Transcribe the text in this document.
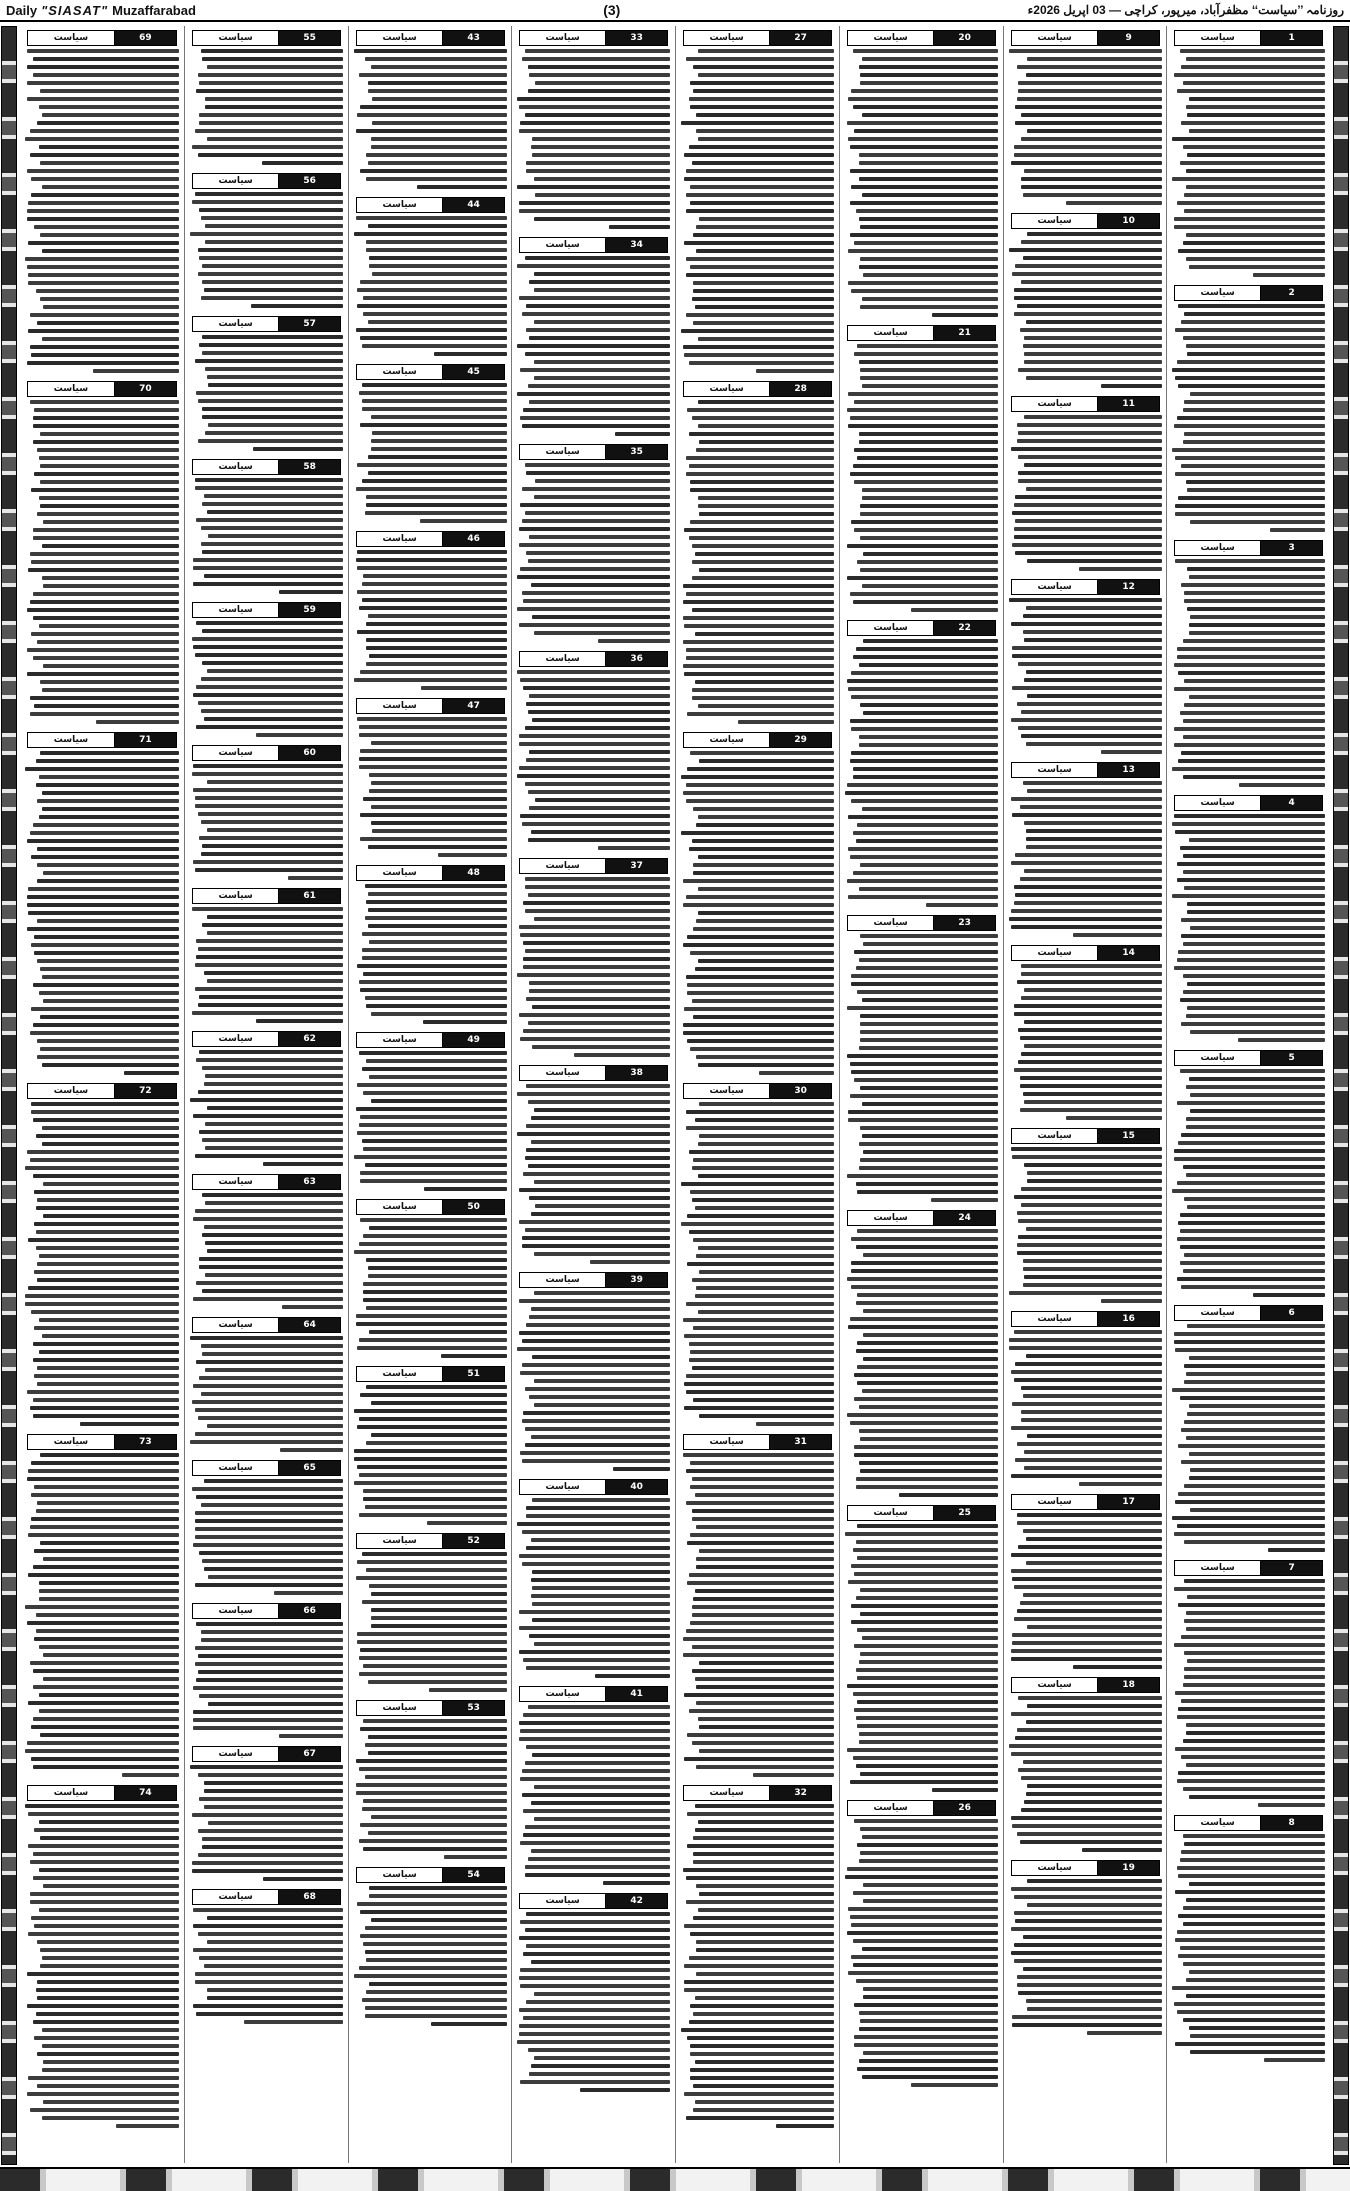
Daily "SIASAT" Muzaffarabad	(3)	روزنامہ ’’سیاست‘‘ مظفرآباد، میرپور، کراچی — 03 اپریل 2026ء
سیاست	1
سیاست	2
سیاست	3
سیاست	4
سیاست	5
سیاست	6
سیاست	7
سیاست	8
سیاست	9
سیاست	10
سیاست	11
سیاست	12
سیاست	13
سیاست	14
سیاست	15
سیاست	16
سیاست	17
سیاست	18
سیاست	19
سیاست	20
سیاست	21
سیاست	22
سیاست	23
سیاست	24
سیاست	25
سیاست	26
سیاست	27
سیاست	28
سیاست	29
سیاست	30
سیاست	31
سیاست	32
سیاست	33
سیاست	34
سیاست	35
سیاست	36
سیاست	37
سیاست	38
سیاست	39
سیاست	40
سیاست	41
سیاست	42
سیاست	43
سیاست	44
سیاست	45
سیاست	46
سیاست	47
سیاست	48
سیاست	49
سیاست	50
سیاست	51
سیاست	52
سیاست	53
سیاست	54
سیاست	55
سیاست	56
سیاست	57
سیاست	58
سیاست	59
سیاست	60
سیاست	61
سیاست	62
سیاست	63
سیاست	64
سیاست	65
سیاست	66
سیاست	67
سیاست	68
سیاست	69
سیاست	70
سیاست	71
سیاست	72
سیاست	73
سیاست	74
